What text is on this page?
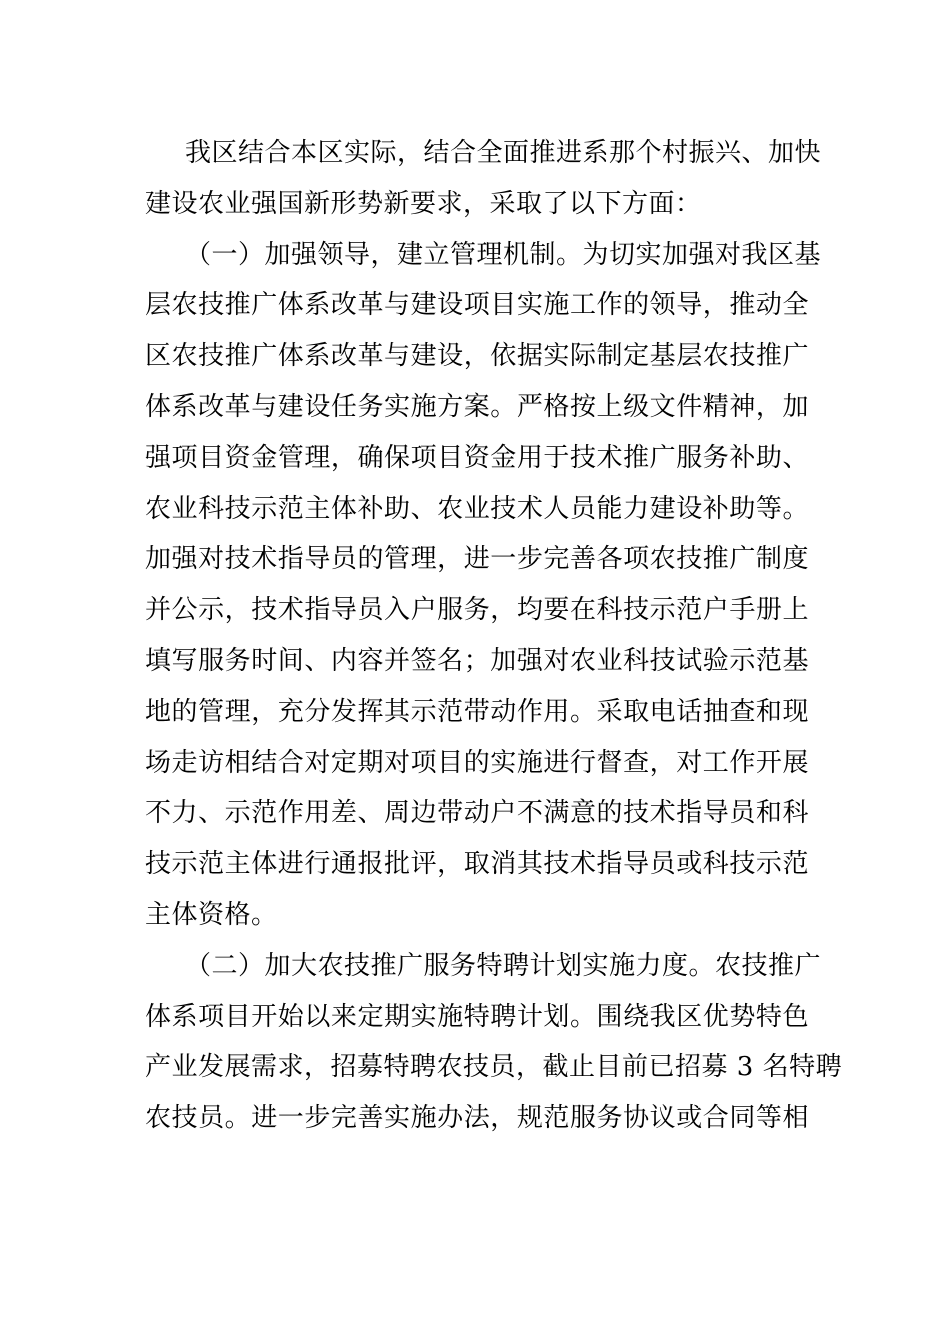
我区结合本区实际，结合全面推进系那个村振兴、加快
建设农业强国新形势新要求，采取了以下方面：
（一）加强领导，建立管理机制。为切实加强对我区基
层农技推广体系改革与建设项目实施工作的领导，推动全
区农技推广体系改革与建设，依据实际制定基层农技推广
体系改革与建设任务实施方案。严格按上级文件精神，加
强项目资金管理，确保项目资金用于技术推广服务补助、
农业科技示范主体补助、农业技术人员能力建设补助等。
加强对技术指导员的管理，进一步完善各项农技推广制度
并公示，技术指导员入户服务，均要在科技示范户手册上
填写服务时间、内容并签名；加强对农业科技试验示范基
地的管理，充分发挥其示范带动作用。采取电话抽查和现
场走访相结合对定期对项目的实施进行督查，对工作开展
不力、示范作用差、周边带动户不满意的技术指导员和科
技示范主体进行通报批评，取消其技术指导员或科技示范
主体资格。
（二）加大农技推广服务特聘计划实施力度。农技推广
体系项目开始以来定期实施特聘计划。围绕我区优势特色
产业发展需求，招募特聘农技员，截止目前已招募 3 名特聘
农技员。进一步完善实施办法，规范服务协议或合同等相
